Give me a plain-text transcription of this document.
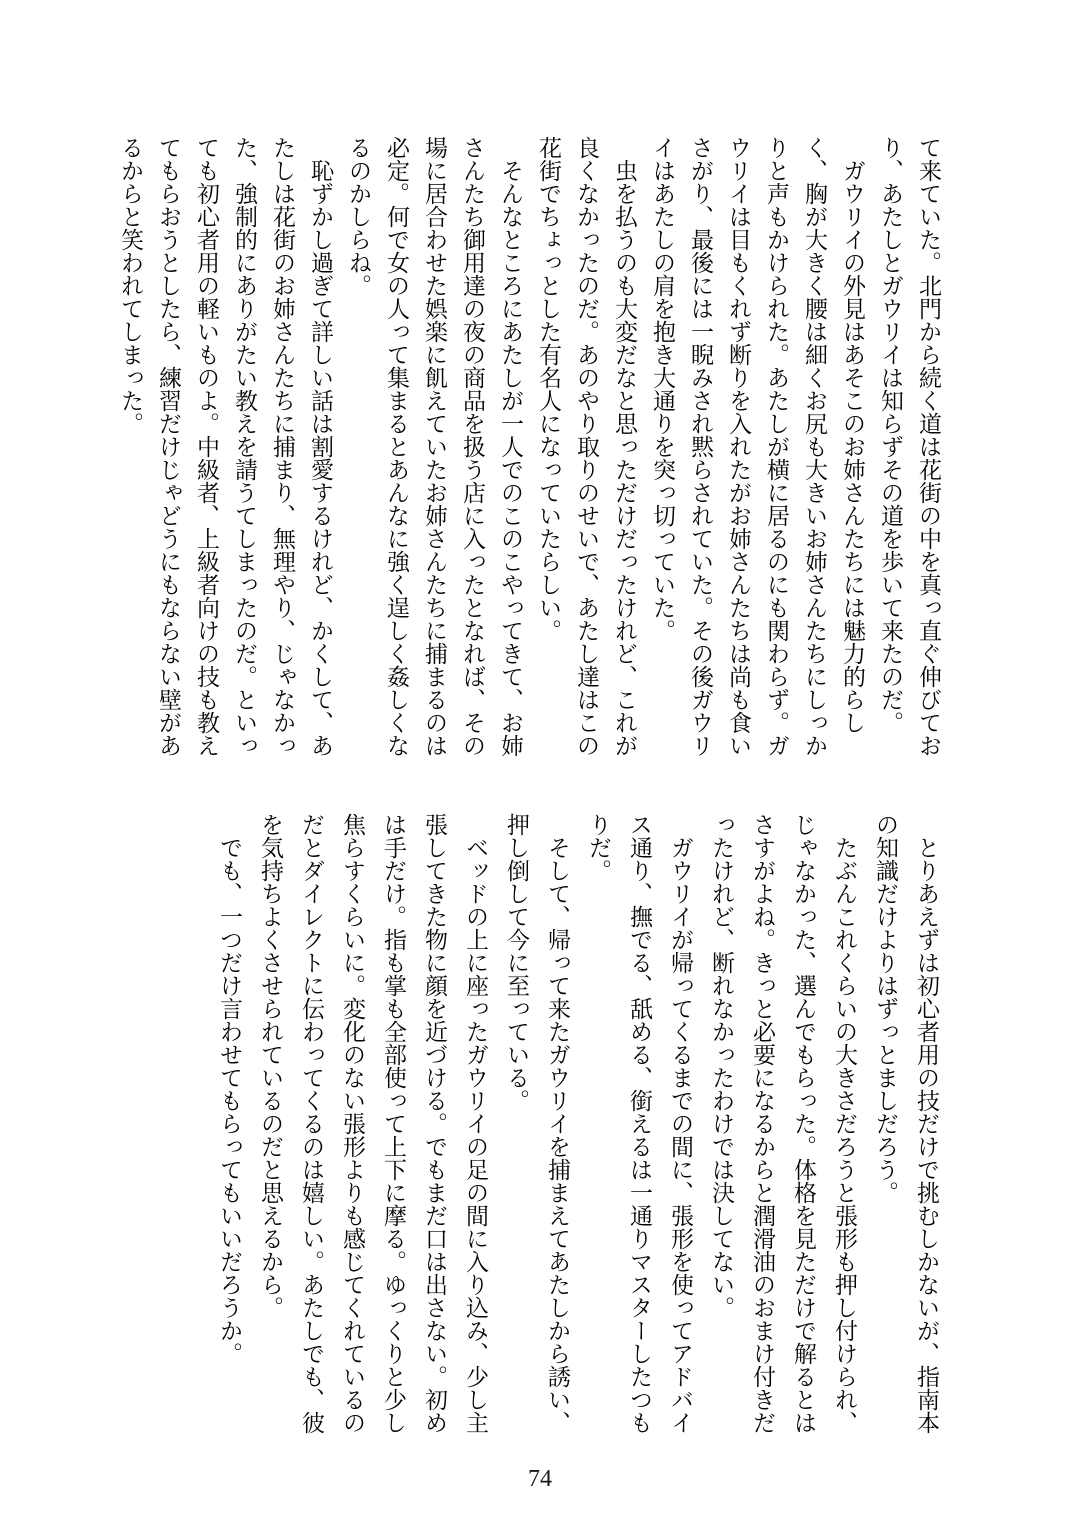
て来ていた。北門から続く道は花街の中を真っ直ぐ伸びており、あたしとガウリイは知らずその道を歩いて来たのだ。

ガウリイの外見はあそこのお姉さんたちには魅力的らしく、胸が大きく腰は細くお尻も大きいお姉さんたちにしっかりと声もかけられた。あたしが横に居るのにも関わらず。ガウリイは目もくれず断りを入れたがお姉さんたちは尚も食いさがり、最後には一睨みされ黙らされていた。その後ガウリイはあたしの肩を抱き大通りを突っ切っていた。

虫を払うのも大変だなと思っただけだったけれど、これが良くなかったのだ。あのやり取りのせいで、あたし達はこの花街でちょっとした有名人になっていたらしい。

そんなところにあたしが一人でのこのこやってきて、お姉さんたち御用達の夜の商品を扱う店に入ったとなれば、その場に居合わせた娯楽に飢えていたお姉さんたちに捕まるのは必定。何で女の人って集まるとあんなに強く逞しく姦しくなるのかしらね。

恥ずかし過ぎて詳しい話は割愛するけれど、かくして、あたしは花街のお姉さんたちに捕まり、無理やり、じゃなかった、強制的にありがたい教えを請うてしまったのだ。といっても初心者用の軽いものよ。中級者、上級者向けの技も教えてもらおうとしたら、練習だけじゃどうにもならない壁があるからと笑われてしまった。

とりあえずは初心者用の技だけで挑むしかないが、指南本の知識だけよりはずっとましだろう。

たぶんこれくらいの大きさだろうと張形も押し付けられ、じゃなかった、選んでもらった。体格を見ただけで解るとはさすがよね。きっと必要になるからと潤滑油のおまけ付きだったけれど、断れなかったわけでは決してない。

ガウリイが帰ってくるまでの間に、張形を使ってアドバイス通り、撫でる、舐める、銜えるは一通りマスターしたつもりだ。

そして、帰って来たガウリイを捕まえてあたしから誘い、押し倒して今に至っている。

ベッドの上に座ったガウリイの足の間に入り込み、少し主張してきた物に顔を近づける。でもまだ口は出さない。初めは手だけ。指も掌も全部使って上下に摩る。ゆっくりと少し焦らすくらいに。変化のない張形よりも感じてくれているのだとダイレクトに伝わってくるのは嬉しい。あたしでも、彼を気持ちよくさせられているのだと思えるから。

でも、一つだけ言わせてもらってもいいだろうか。

74
